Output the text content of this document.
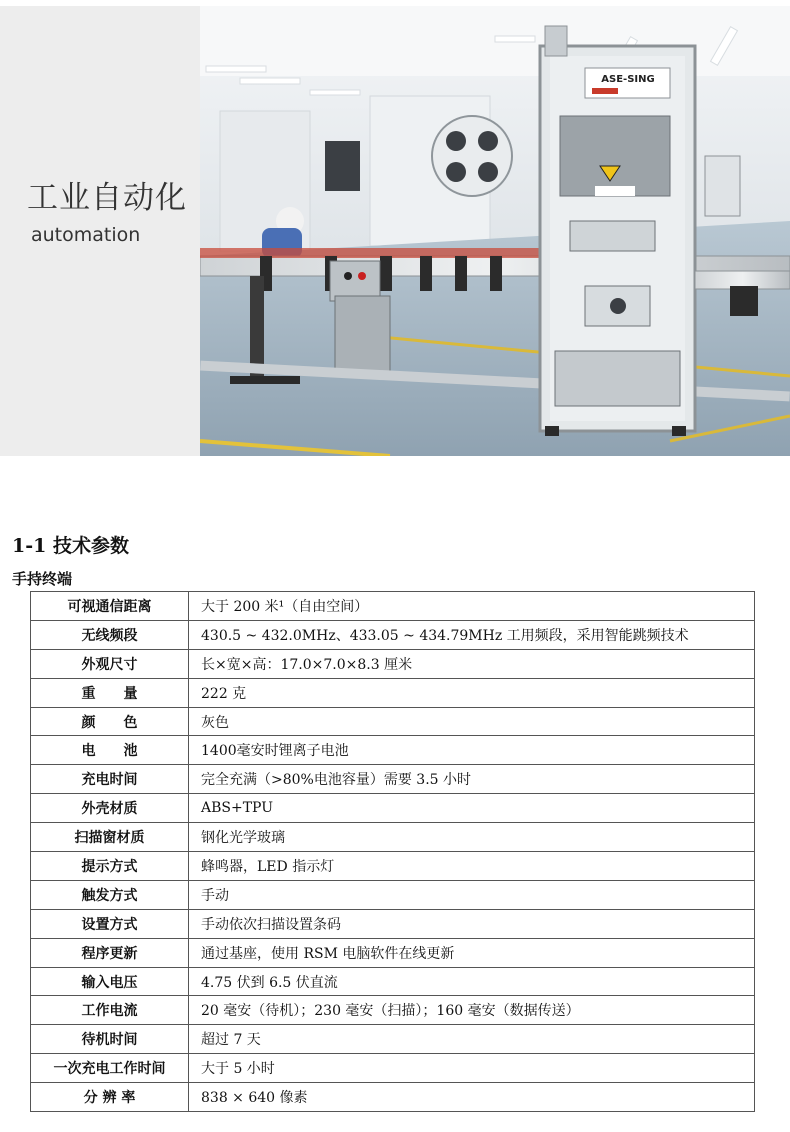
工业自动化
automation
ASE-SING
1-1 技术参数
手持终端
可视通信距离	大于 200 米¹（自由空间）
无线频段	430.5 ~ 432.0MHz、433.05 ~ 434.79MHz 工用频段，采用智能跳频技术
外观尺寸	长×宽×高：17.0×7.0×8.3 厘米
重　　量	222 克
颜　　色	灰色
电　　池	1400毫安时锂离子电池
充电时间	完全充满（>80%电池容量）需要 3.5 小时
外壳材质	ABS+TPU
扫描窗材质	钢化光学玻璃
提示方式	蜂鸣器，LED 指示灯
触发方式	手动
设置方式	手动依次扫描设置条码
程序更新	通过基座，使用 RSM 电脑软件在线更新
输入电压	4.75 伏到 6.5 伏直流
工作电流	20 毫安（待机）；230 毫安（扫描）；160 毫安（数据传送）
待机时间	超过 7 天
一次充电工作时间	大于 5 小时
分 辨 率	838 × 640 像素
